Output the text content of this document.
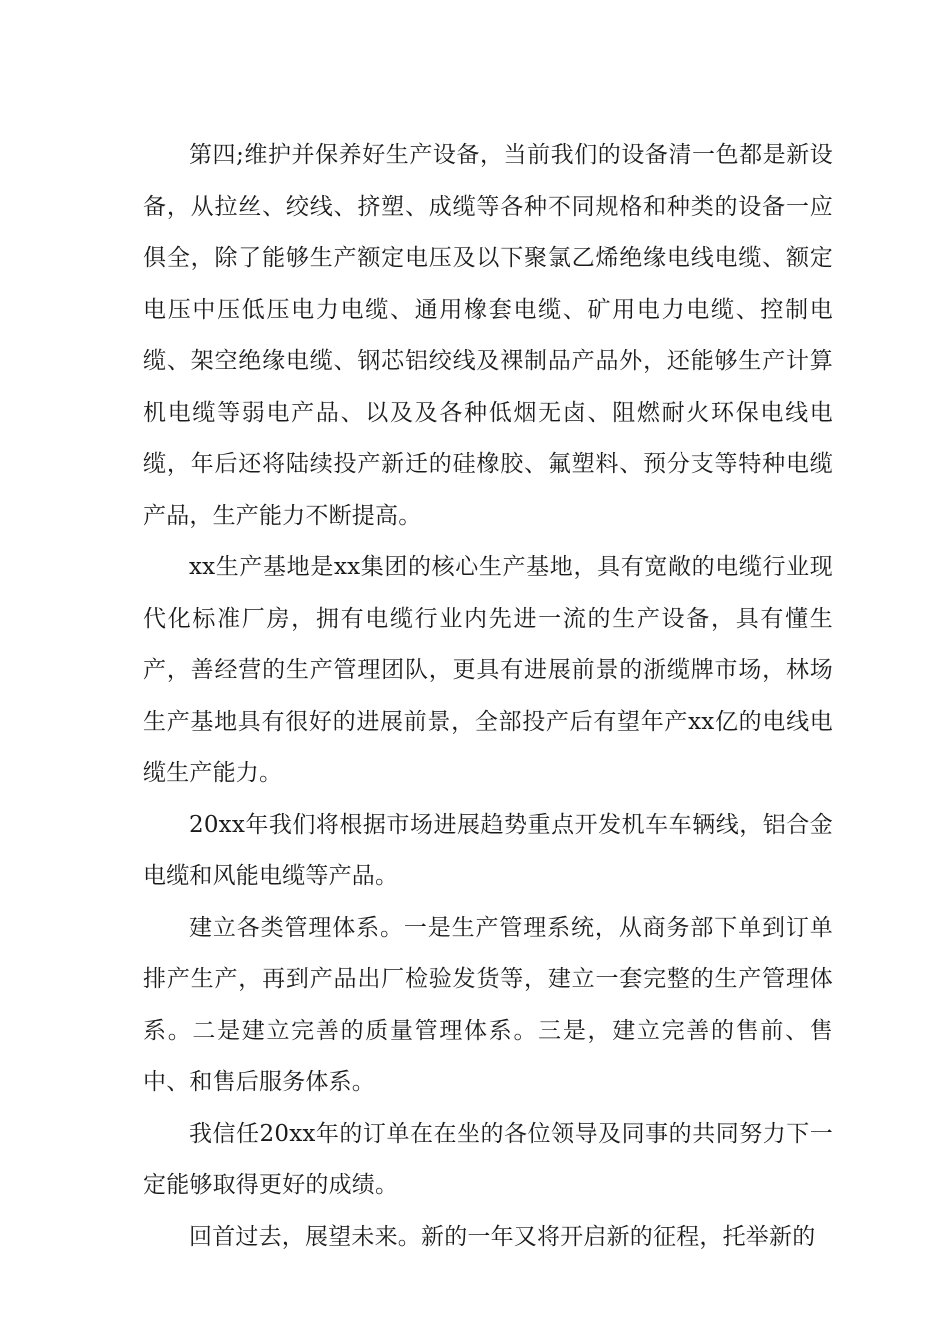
第四;维护并保养好生产设备，当前我们的设备清一色都是新设备，从拉丝、绞线、挤塑、成缆等各种不同规格和种类的设备一应俱全，除了能够生产额定电压及以下聚氯乙烯绝缘电线电缆、额定电压中压低压电力电缆、通用橡套电缆、矿用电力电缆、控制电缆、架空绝缘电缆、钢芯铝绞线及裸制品产品外，还能够生产计算机电缆等弱电产品、以及及各种低烟无卤、阻燃耐火环保电线电缆，年后还将陆续投产新迁的硅橡胶、氟塑料、预分支等特种电缆产品，生产能力不断提高。

xx生产基地是xx集团的核心生产基地，具有宽敞的电缆行业现代化标准厂房，拥有电缆行业内先进一流的生产设备，具有懂生产，善经营的生产管理团队，更具有进展前景的浙缆牌市场，林场生产基地具有很好的进展前景，全部投产后有望年产xx亿的电线电缆生产能力。

20xx年我们将根据市场进展趋势重点开发机车车辆线，铝合金电缆和风能电缆等产品。

建立各类管理体系。一是生产管理系统，从商务部下单到订单排产生产，再到产品出厂检验发货等，建立一套完整的生产管理体系。二是建立完善的质量管理体系。三是，建立完善的售前、售中、和售后服务体系。

我信任20xx年的订单在在坐的各位领导及同事的共同努力下一定能够取得更好的成绩。

回首过去，展望未来。新的一年又将开启新的征程，托举新的
